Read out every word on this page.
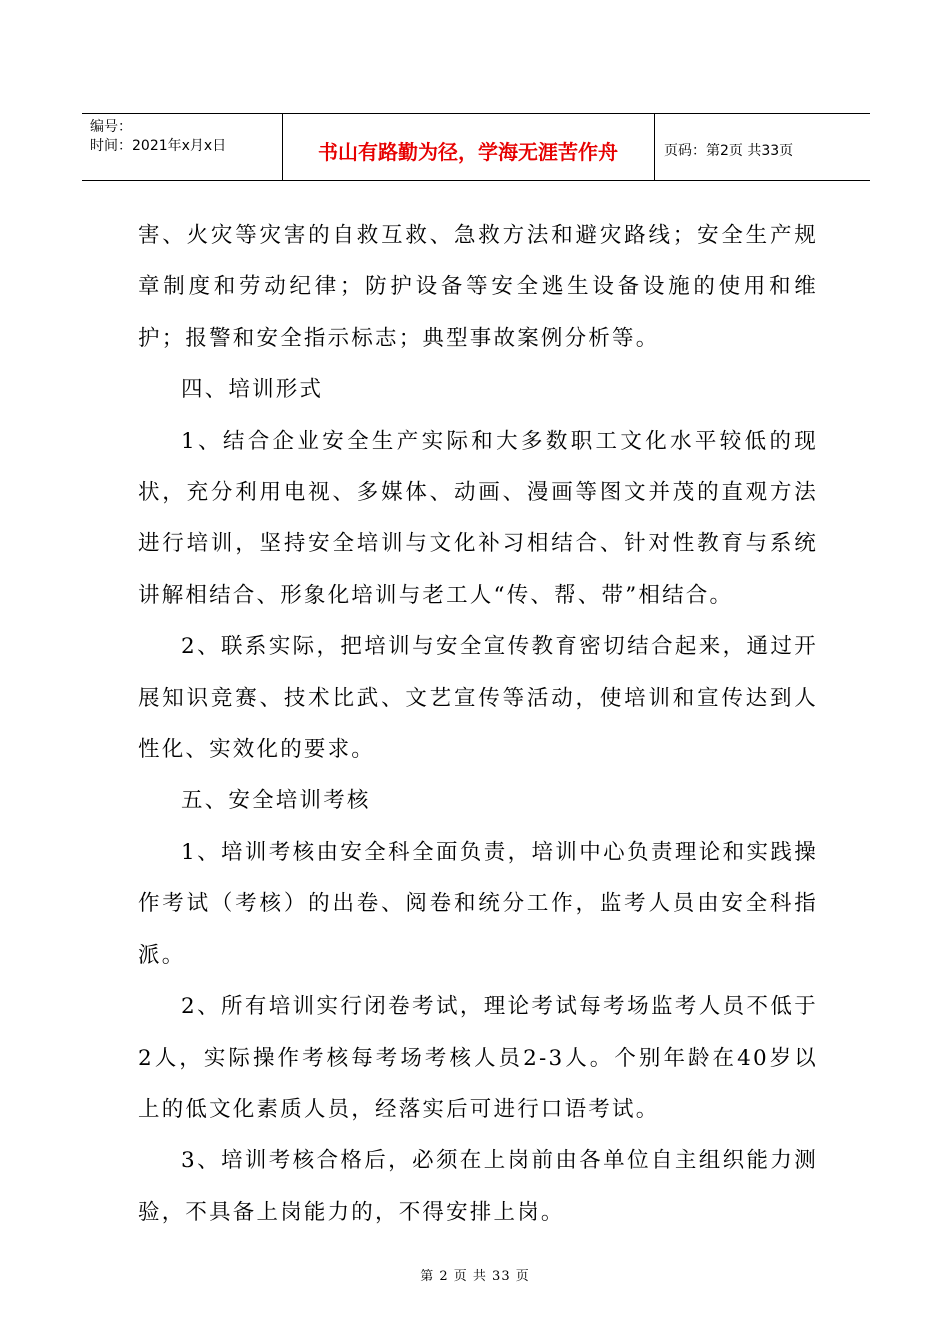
编号：
时间：2021年x月x日	书山有路勤为径，学海无涯苦作舟	页码：第2页 共33页

害、火灾等灾害的自救互救、急救方法和避灾路线；安全生产规章制度和劳动纪律；防护设备等安全逃生设备设施的使用和维护；报警和安全指示标志；典型事故案例分析等。

四、培训形式

1、结合企业安全生产实际和大多数职工文化水平较低的现状，充分利用电视、多媒体、动画、漫画等图文并茂的直观方法进行培训，坚持安全培训与文化补习相结合、针对性教育与系统讲解相结合、形象化培训与老工人“传、帮、带”相结合。

2、联系实际，把培训与安全宣传教育密切结合起来，通过开展知识竞赛、技术比武、文艺宣传等活动，使培训和宣传达到人性化、实效化的要求。

五、安全培训考核

1、培训考核由安全科全面负责，培训中心负责理论和实践操作考试（考核）的出卷、阅卷和统分工作，监考人员由安全科指派。

2、所有培训实行闭卷考试，理论考试每考场监考人员不低于2人，实际操作考核每考场考核人员2-3人。个别年龄在40岁以上的低文化素质人员，经落实后可进行口语考试。

3、培训考核合格后，必须在上岗前由各单位自主组织能力测验，不具备上岗能力的，不得安排上岗。

第 2 页 共 33 页
